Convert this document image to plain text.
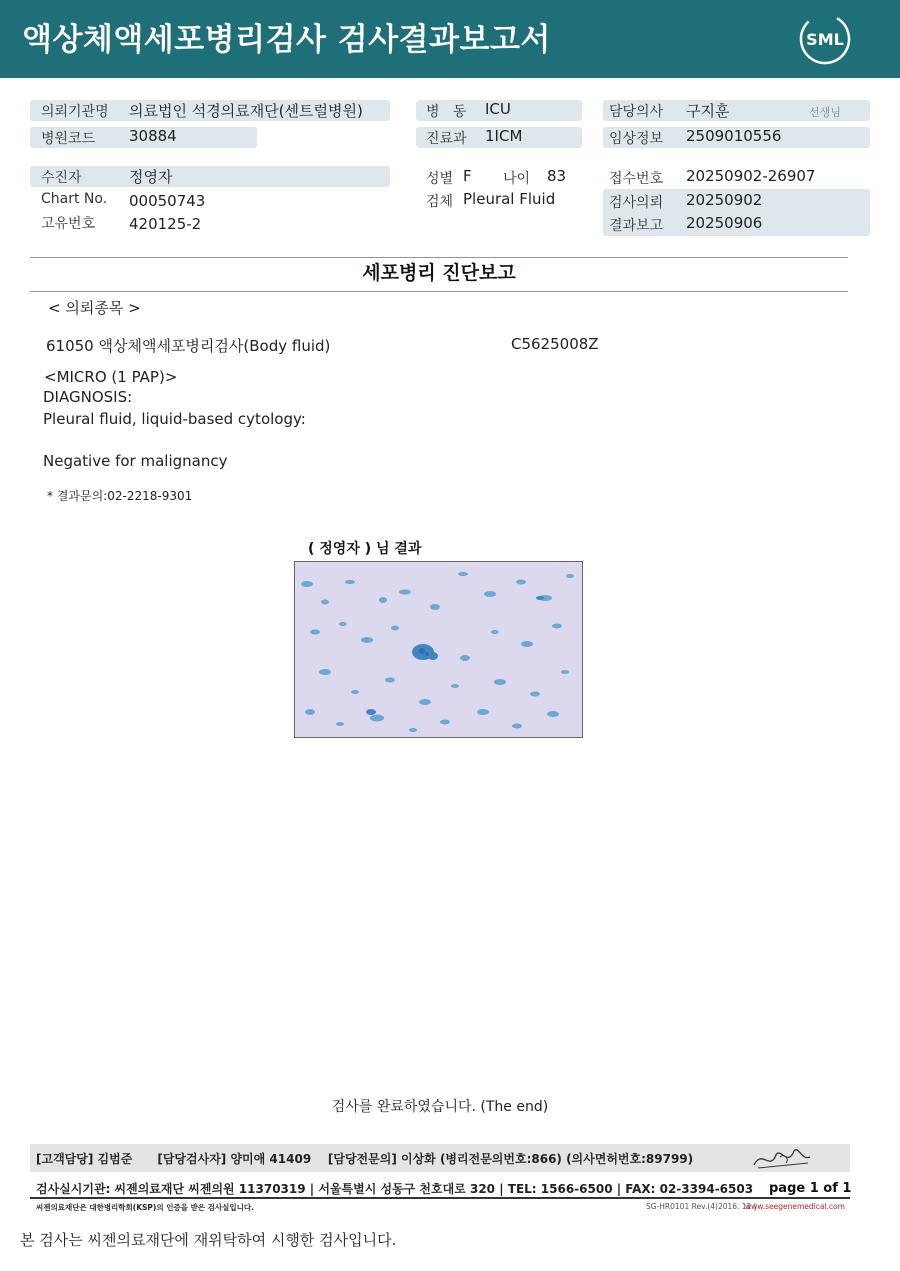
액상체액세포병리검사 검사결과보고서	SML
의뢰기관명 의료법인 석경의료재단(센트럴병원)
병원코드 30884
병   동 ICU
진료과 1ICM
담당의사 구지훈	선생님
임상정보 2509010556
수진자	정영자
Chart No. 00050743
고유번호 420125-2
성별 F 나이 83
검체 Pleural Fluid
접수번호 20250902-26907
검사의뢰 20250902
결과보고 20250906
세포병리 진단보고
< 의뢰종목 >
61050 액상체액세포병리검사(Body fluid)	C5625008Z
<MICRO (1 PAP)>
DIAGNOSIS:
Pleural fluid, liquid-based cytology:
Negative for malignancy
* 결과문의:02-2218-9301
( 정영자 ) 님 결과
검사를 완료하였습니다. (The end)
[고객담당] 김범준      [담당검사자] 양미애 41409    [담당전문의] 이상화 (병리전문의번호:866) (의사면허번호:89799)
검사실시기관: 씨젠의료재단 씨젠의원 11370319 | 서울특별시 성동구 천호대로 320 | TEL: 1566-6500 | FAX: 02-3394-6503 page 1 of 1
씨젠의료재단은 대한병리학회(KSP)의 인증을 받은 검사실입니다.	SG-HR0101 Rev.(4)2016. 11 |
www.seegenemedical.com
본 검사는 씨젠의료재단에 재위탁하여 시행한 검사입니다.
